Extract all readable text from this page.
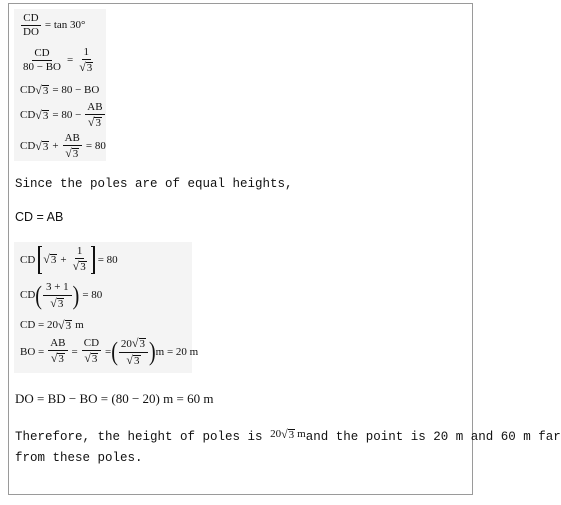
$\frac{CD}{DO} = \tan 30^\circ$
$\frac{CD}{80 - BO} = \frac{1}{√ 3}$
CD √ 3 = 80 − BO
CD √ $3 = 80 - \frac{AB}{√ 3}$
CD √ $3 + \frac{AB}{√ 3} = 80$
Since the poles are of equal heights,
CD = AB
CD √ $3 + \frac{1}{√ 3} = 80$
CD ( $\frac{3 + 1}{√ 3}$ ) = 80
CD = 20 √ 3 m
BO = $\frac{AB}{√ 3} = \frac{CD}{√ 3}$ = ( $\frac{20 √ 3}{√ 3}$ ) m = 20 m
DO = BD − BO = (80 − 20) m = 60 m
Therefore, the height of poles is 20 √ 3 m and the point is 20 m and 60 m far
from these poles.
